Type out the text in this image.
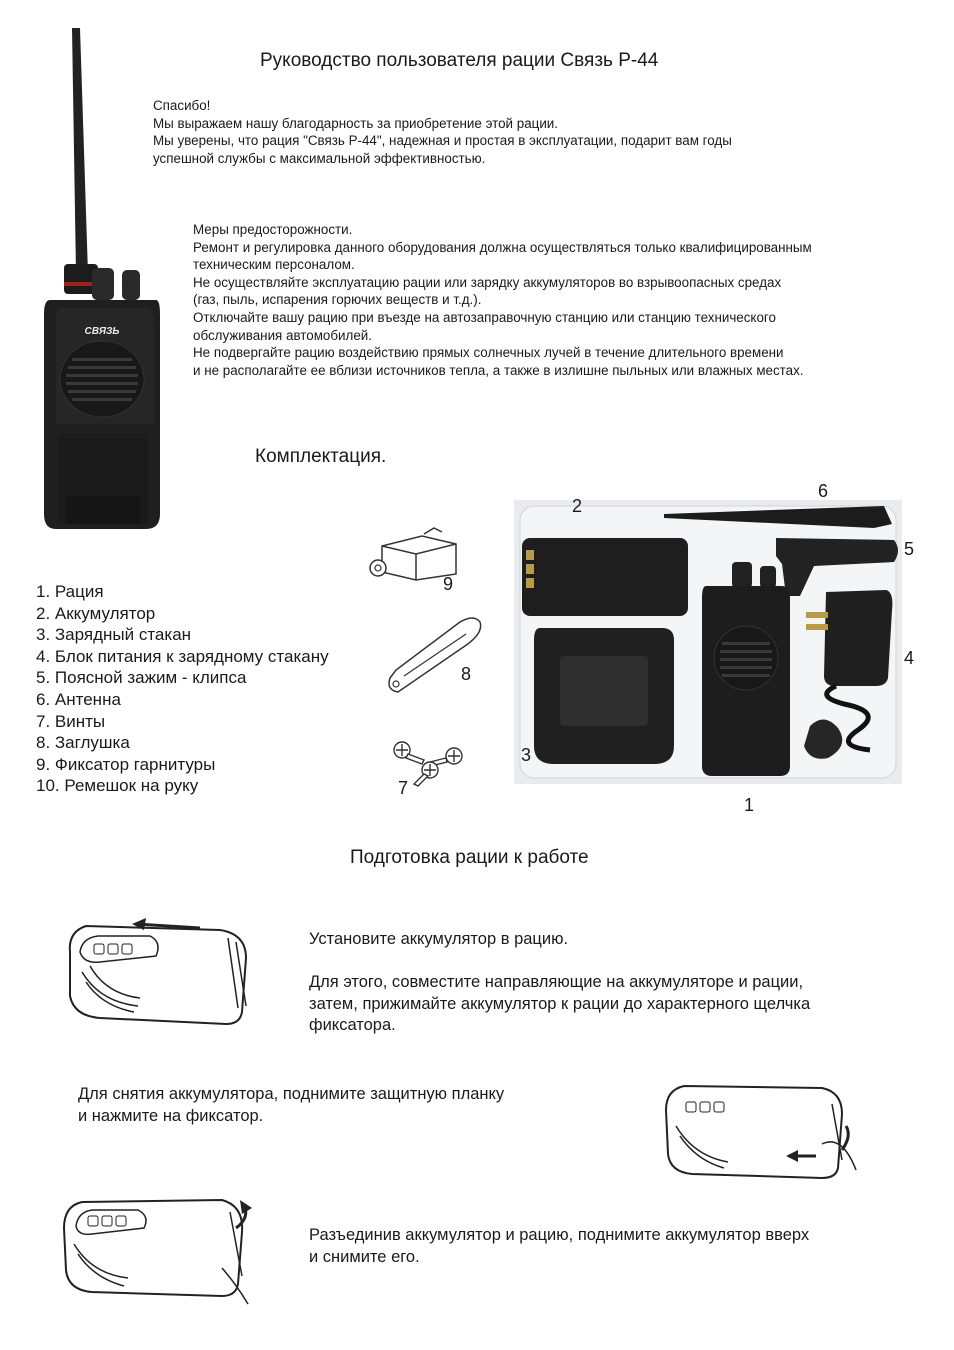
Руководство пользователя рации Связь Р-44
СВЯЗЬ
Спасибо!
Мы выражаем нашу благодарность за приобретение этой рации.
Мы уверены, что рация "Связь Р-44", надежная и простая в эксплуатации, подарит вам годы
успешной службы с максимальной эффективностью.
Меры предосторожности.
Ремонт и регулировка данного оборудования должна осуществляться только квалифицированным
техническим персоналом.
Не осуществляйте эксплуатацию рации или зарядку аккумуляторов во взрывоопасных средах
(газ, пыль, испарения горючих веществ и т.д.).
Отключайте вашу рацию при въезде на автозаправочную станцию или станцию технического
обслуживания автомобилей.
Не подвергайте рацию воздействию прямых солнечных лучей в течение длительного времени
и не располагайте ее вблизи источников тепла, а также в излишне пыльных или влажных местах.
Комплектация.
1. Рация
2. Аккумулятор
3. Зарядный стакан
4. Блок питания к зарядному стакану
5. Поясной зажим - клипса
6. Антенна
7. Винты
8. Заглушка
9. Фиксатор гарнитуры
10. Ремешок на руку
9
8
7
2
6
5
4
3
1
Подготовка рации к работе
Установите аккумулятор в рацию.
Для этого, совместите направляющие на аккумуляторе и рации,
затем, прижимайте аккумулятор к рации до характерного щелчка
фиксатора.
Для снятия аккумулятора, поднимите защитную планку
и нажмите на фиксатор.
Разъединив аккумулятор и рацию, поднимите аккумулятор вверх
и снимите его.
